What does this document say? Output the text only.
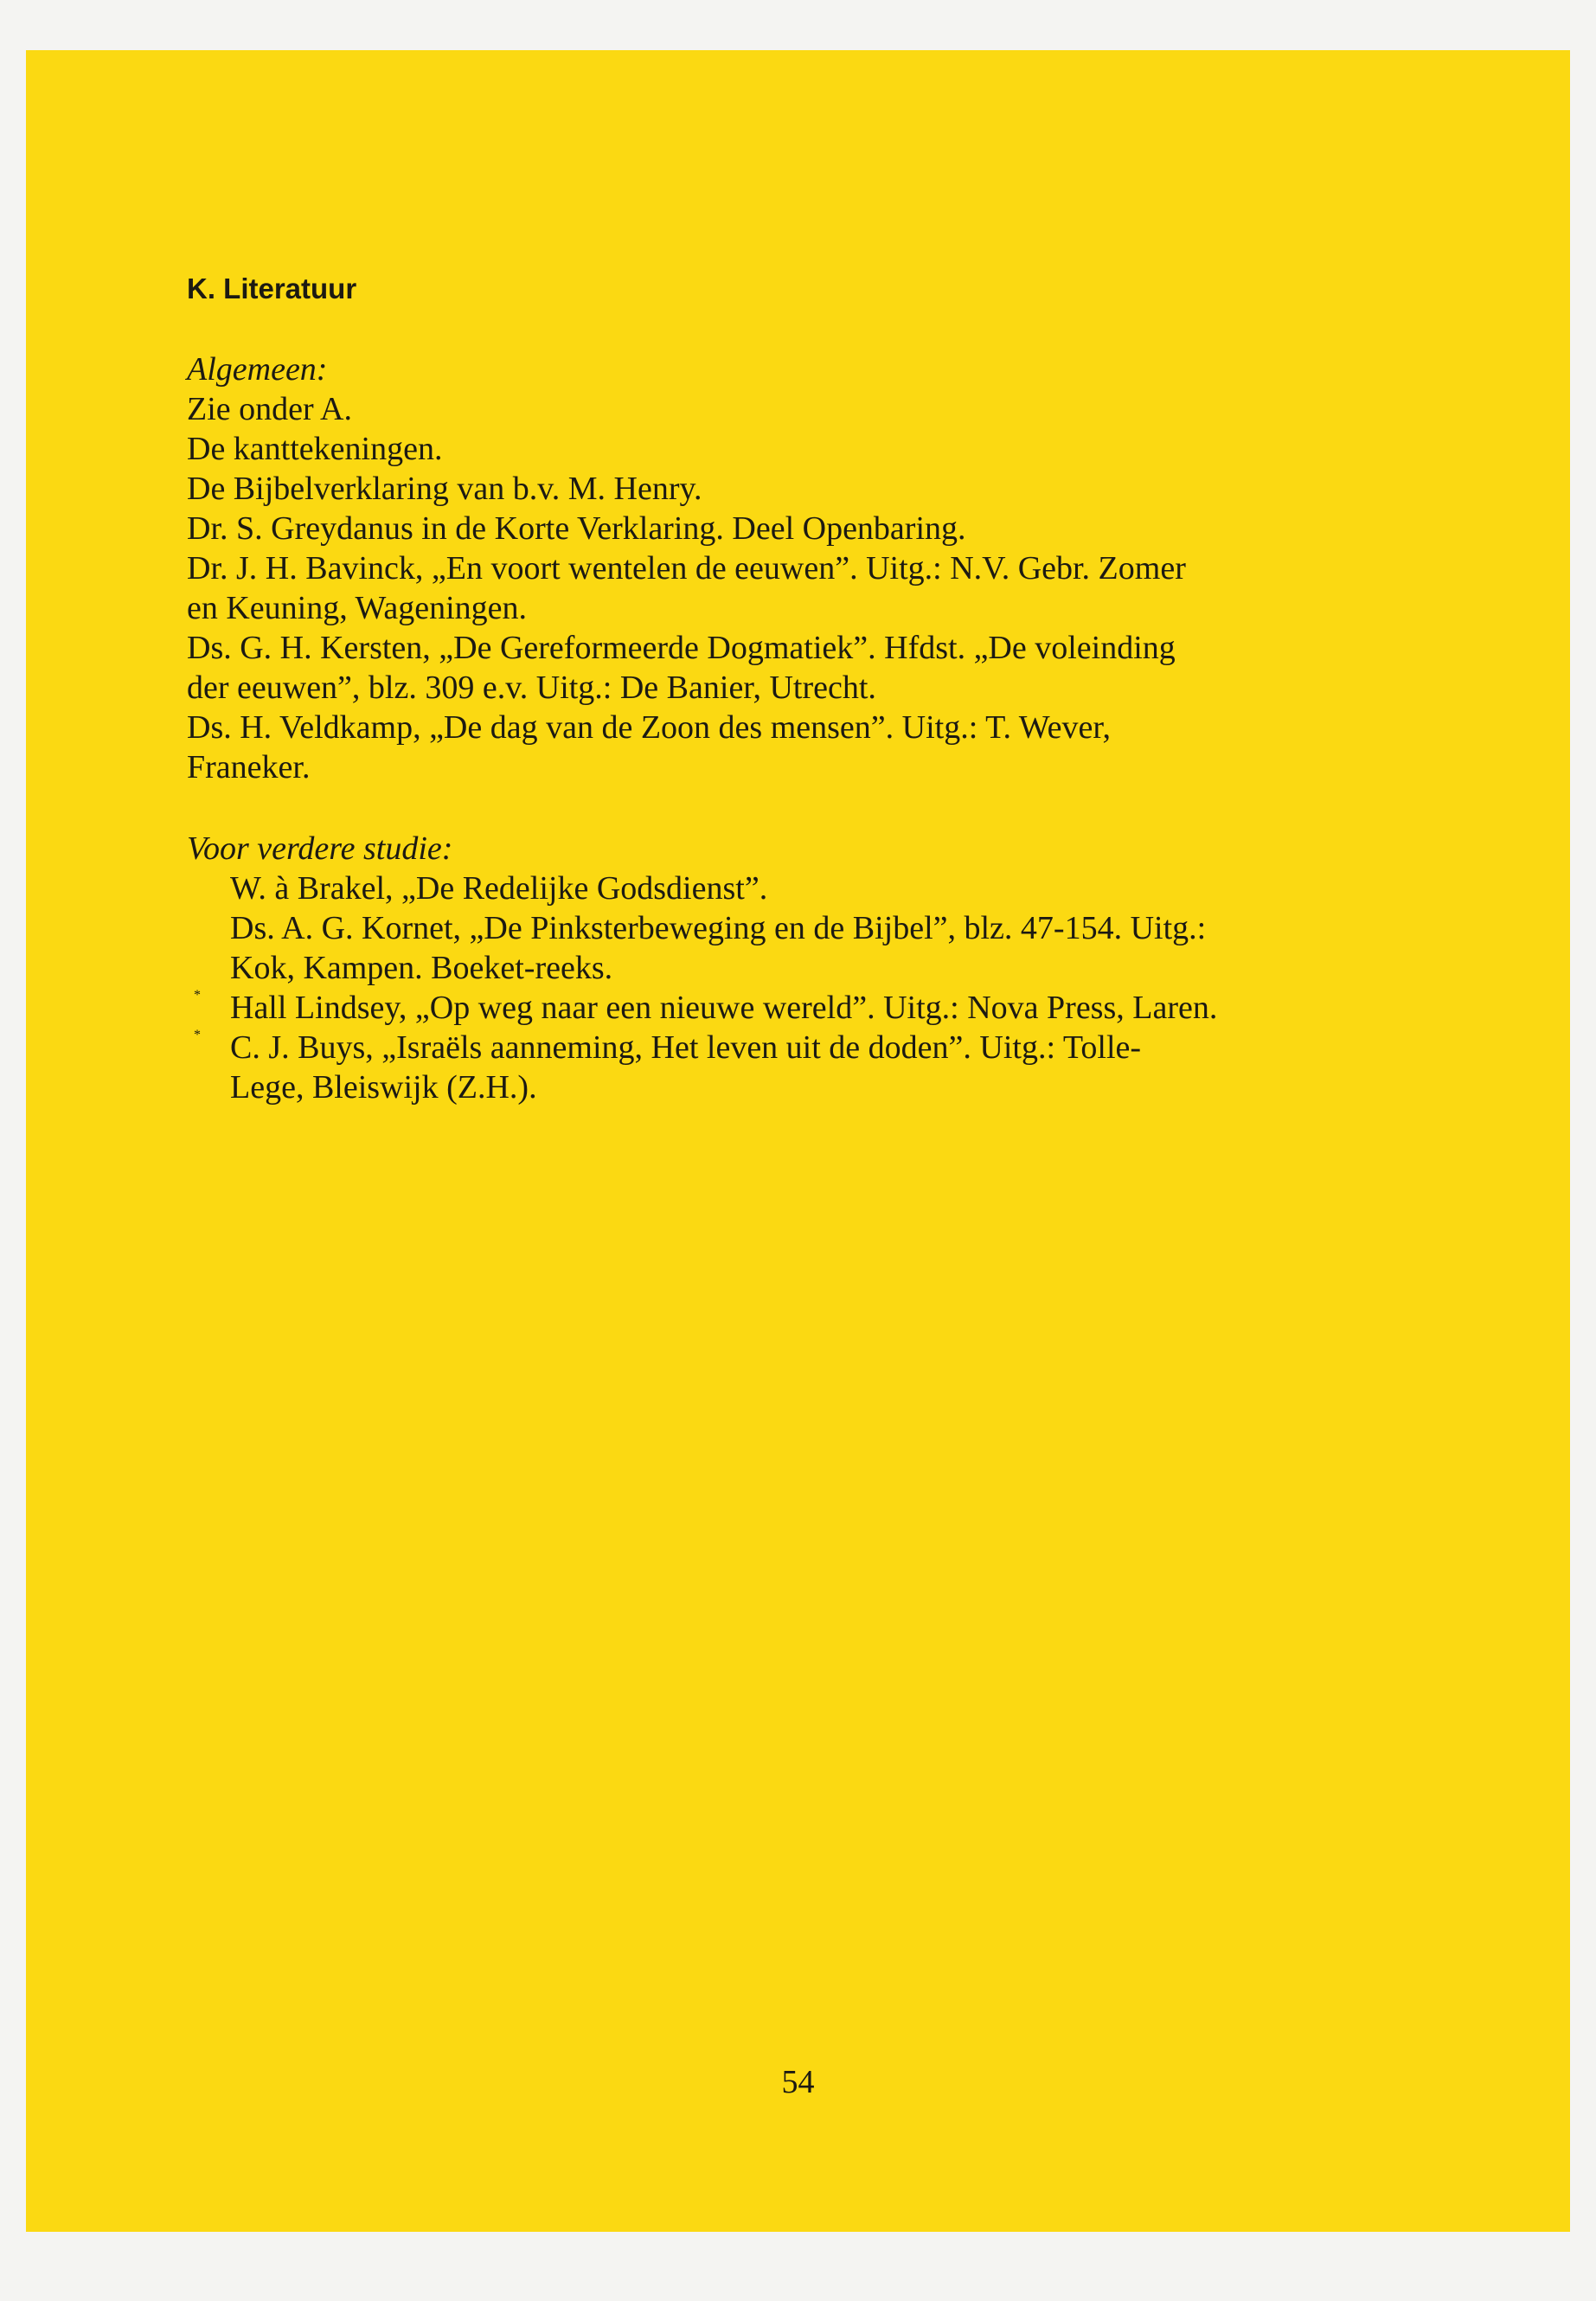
K. Literatuur

Algemeen:

Zie onder A.

De kanttekeningen.

De Bijbelverklaring van b.v. M. Henry.

Dr. S. Greydanus in de Korte Verklaring. Deel Openbaring.

Dr. J. H. Bavinck, „En voort wentelen de eeuwen”. Uitg.: N.V. Gebr. Zomer

en Keuning, Wageningen.

Ds. G. H. Kersten, „De Gereformeerde Dogmatiek”. Hfdst. „De voleinding

der eeuwen”, blz. 309 e.v. Uitg.: De Banier, Utrecht.

Ds. H. Veldkamp, „De dag van de Zoon des mensen”. Uitg.: T. Wever,

Franeker.

Voor verdere studie:

W. à Brakel, „De Redelijke Godsdienst”.

Ds. A. G. Kornet, „De Pinksterbeweging en de Bijbel”, blz. 47-154. Uitg.:

Kok, Kampen. Boeket-reeks.

* Hall Lindsey, „Op weg naar een nieuwe wereld”. Uitg.: Nova Press, Laren.

* C. J. Buys, „Israëls aanneming, Het leven uit de doden”. Uitg.: Tolle-

Lege, Bleiswijk (Z.H.).

54
